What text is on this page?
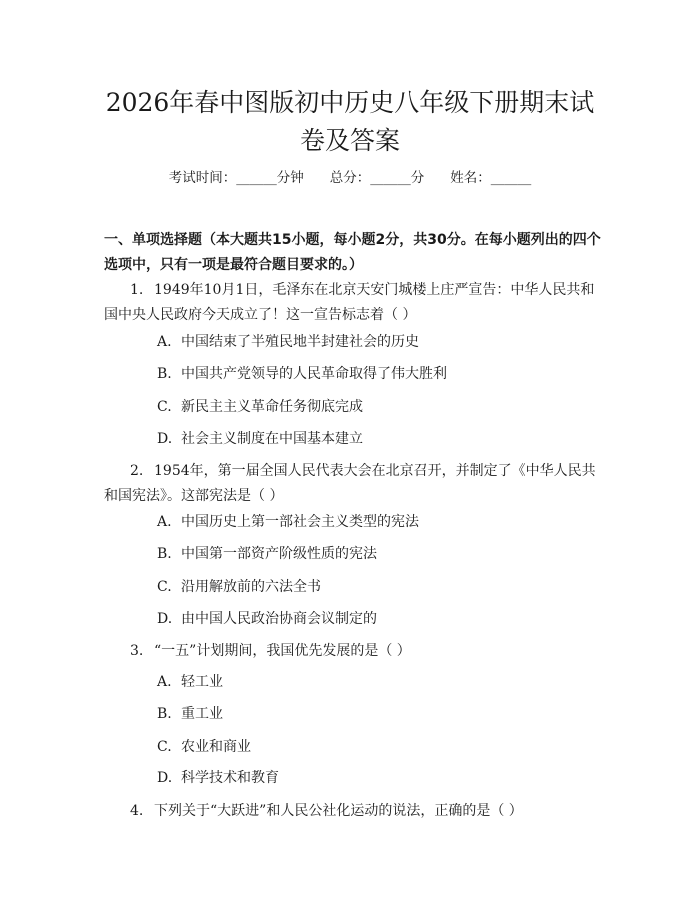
2026年春中图版初中历史八年级下册期末试
卷及答案
考试时间：______分钟 总分：______分 姓名：______
一、单项选择题（本大题共15小题，每小题2分，共30分。在每小题列出的四个选项中，只有一项是最符合题目要求的。）
1. 1949年10月1日，毛泽东在北京天安门城楼上庄严宣告：中华人民共和国中央人民政府今天成立了！这一宣告标志着（ ）
A. 中国结束了半殖民地半封建社会的历史
B. 中国共产党领导的人民革命取得了伟大胜利
C. 新民主主义革命任务彻底完成
D. 社会主义制度在中国基本建立
2. 1954年，第一届全国人民代表大会在北京召开，并制定了《中华人民共和国宪法》。这部宪法是（ ）
A. 中国历史上第一部社会主义类型的宪法
B. 中国第一部资产阶级性质的宪法
C. 沿用解放前的六法全书
D. 由中国人民政治协商会议制定的
3. “一五”计划期间，我国优先发展的是（ ）
A. 轻工业
B. 重工业
C. 农业和商业
D. 科学技术和教育
4. 下列关于“大跃进”和人民公社化运动的说法，正确的是（ ）
